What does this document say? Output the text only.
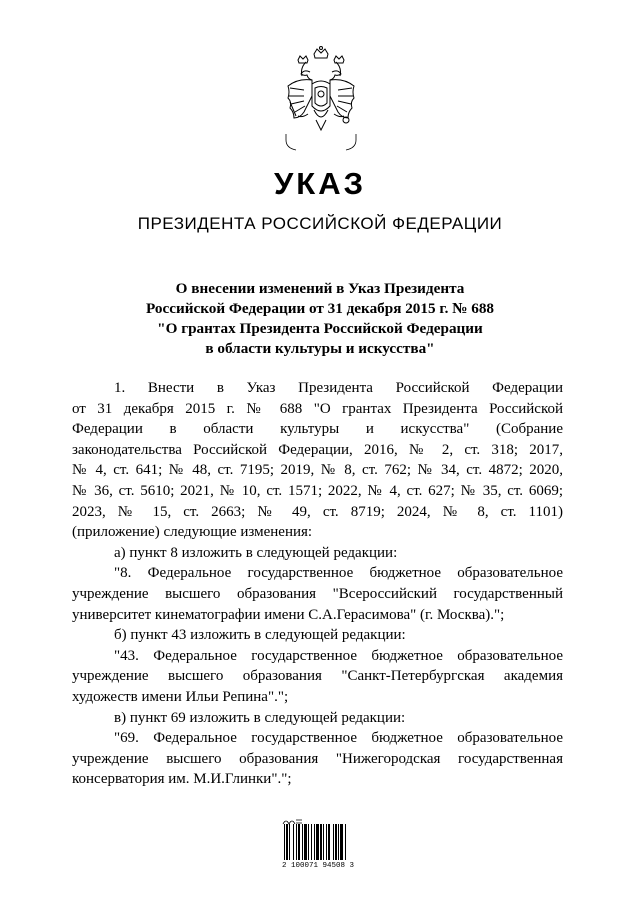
УКАЗ
ПРЕЗИДЕНТА РОССИЙСКОЙ ФЕДЕРАЦИИ
О внесении изменений в Указ Президента
Российской Федерации от 31 декабря 2015 г. № 688
"О грантах Президента Российской Федерации
в области культуры и искусства"
1. Внести в Указ Президента Российской Федерации
от 31 декабря 2015 г. № 688 "О грантах Президента Российской
Федерации в области культуры и искусства" (Собрание
законодательства Российской Федерации, 2016, № 2, ст. 318; 2017,
№ 4, ст. 641; № 48, ст. 7195; 2019, № 8, ст. 762; № 34, ст. 4872; 2020,
№ 36, ст. 5610; 2021, № 10, ст. 1571; 2022, № 4, ст. 627; № 35, ст. 6069;
2023, № 15, ст. 2663; № 49, ст. 8719; 2024, № 8, ст. 1101)
(приложение) следующие изменения:
а) пункт 8 изложить в следующей редакции:
"8. Федеральное государственное бюджетное образовательное
учреждение высшего образования "Всероссийский государственный
университет кинематографии имени С.А.Герасимова" (г. Москва).";
б) пункт 43 изложить в следующей редакции:
"43. Федеральное государственное бюджетное образовательное
учреждение высшего образования "Санкт-Петербургская академия
художеств имени Ильи Репина".";
в) пункт 69 изложить в следующей редакции:
"69. Федеральное государственное бюджетное образовательное
учреждение высшего образования "Нижегородская государственная
консерватория им. М.И.Глинки".";
2 100071 94508 3
